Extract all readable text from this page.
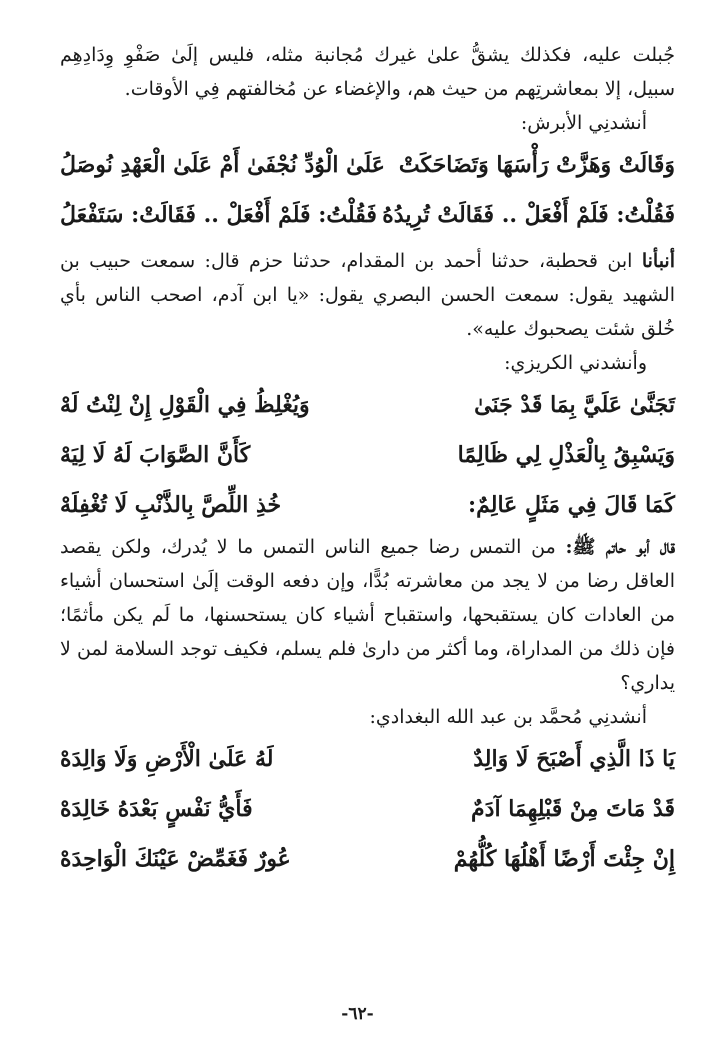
جُبلت عليه، فكذلك يشقُّ علىٰ غيرك مُجانبة مثله، فليس إلَىٰ صَفْوِ وِدَادِهِم سبيل، إلا بمعاشرتِهم من حيث هم، والإغضاء عن مُخالفتهم فِي الأوقات.

أنشدنِي الأبرش:

وَقَالَتْ وَهَزَّتْ رَأْسَهَا وَتَضَاحَكَتْ
عَلَىٰ الْوُدِّ نُجْفَىٰ أَمْ عَلَىٰ الْعَهْدِ نُوصَلُ
فَقُلْتُ: فَلَمْ أَفْعَلْ .. فَقَالَتْ تُرِيدُهُ
فَقُلْتُ: فَلَمْ أَفْعَلْ .. فَقَالَتْ: سَتَفْعَلُ

أنبأنا ابن قحطبة، حدثنا أحمد بن المقدام، حدثنا حزم قال: سمعت حبيب بن الشهيد يقول: سمعت الحسن البصري يقول: «يا ابن آدم، اصحب الناس بأي خُلق شئت يصحبوك عليه».

وأنشدني الكريزي:

تَجَنَّىٰ عَلَيَّ بِمَا قَدْ جَنَىٰ
وَيُغْلِظُ فِي الْقَوْلِ إِنْ لِنْتُ لَهْ
وَيَسْبِقُ بِالْعَذْلِ لِي ظَالِمًا
كَأَنَّ الصَّوَابَ لَهُ لَا لِيَهْ
كَمَا قَالَ فِي مَثَلٍ عَالِمٌ:
خُذِ اللِّصَّ بِالذَّنْبِ لَا تُغْفِلَهْ

قال أبو حاتم ﷺ: من التمس رضا جميع الناس التمس ما لا يُدرك، ولكن يقصد العاقل رضا من لا يجد من معاشرته بُدًّا، وإن دفعه الوقت إلَىٰ استحسان أشياء من العادات كان يستقبحها، واستقباح أشياء كان يستحسنها، ما لَم يكن مأثمًا؛ فإن ذلك من المداراة، وما أكثر من دارىٰ فلم يسلم، فكيف توجد السلامة لمن لا يداري؟

أنشدنِي مُحمَّد بن عبد الله البغدادي:

يَا ذَا الَّذِي أَصْبَحَ لَا وَالِدٌ
لَهُ عَلَىٰ الْأَرْضِ وَلَا وَالِدَهْ
قَدْ مَاتَ مِنْ قَبْلِهِمَا آدَمٌ
فَأَيُّ نَفْسٍ بَعْدَهُ خَالِدَهْ
إِنْ جِئْتَ أَرْضًا أَهْلُهَا كُلُّهُمْ
عُورٌ فَغَمِّضْ عَيْنَكَ الْوَاحِدَهْ
-٦٢-
